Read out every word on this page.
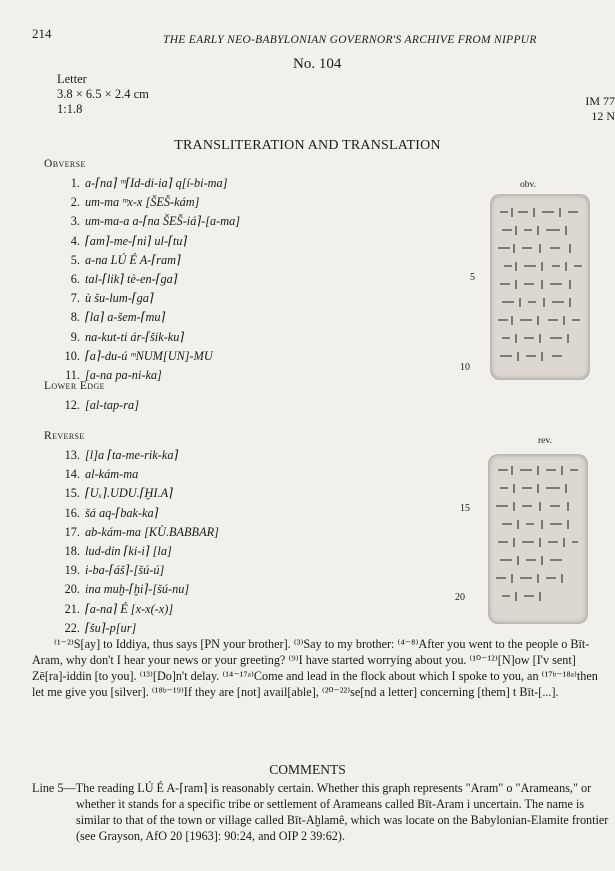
214	THE EARLY NEO-BABYLONIAN GOVERNOR'S ARCHIVE FROM NIPPUR
No. 104
Letter
3.8 × 6.5 × 2.4 cm
1:1.8
IM 77
12 N
TRANSLITERATION AND TRANSLATION
Obverse
1. a-⌈na⌉ ᵐ⌈Id-di-ia⌉ q[í-bi-ma]
2. um-ma ᵐx-x [ŠEŠ-kám]
3. um-ma-a a-⌈na ŠEŠ-iá⌉-[a-ma]
4. ⌈am⌉-me-⌈ni⌉ ul-⌈tu⌉
5. a-na LÚ É A-⌈ram⌉
6. tal-⌈lik⌉ tè-en-⌈ga⌉
7. ù šu-lum-⌈ga⌉
8. ⌈la⌉ a-šem-⌈mu⌉
9. na-kut-ti ár-⌈šik-ku⌉
10. ⌈a⌉-du-ú ᵐNUM[UN]-MU
11. [a-na pa-ni-ka]
Lower Edge
12. [al-tap-ra]
Reverse
13. [l]a ⌈ta-me-rik-ka⌉
14. al-kám-ma
15. ⌈Uₓ⌉.UDU.⌈ḪI.A⌉
16. šá aq-⌈bak-ka⌉
17. ab-kám-ma [KÙ.BABBAR]
18. lud-din ⌈ki-i⌉ [la]
19. i-ba-⌈áš⌉-[šú-ú]
20. ina muḫ-⌈ḫi⌉-[šú-nu]
21. ⌈a-na⌉ É [x-x(-x)]
22. ⌈šu⌉-p[ur]
5
10
15
20
obv.
rev.

⁽¹⁻²⁾S[ay] to Iddiya, thus says [PN your brother]. ⁽³⁾Say to my brother: ⁽⁴⁻⁸⁾After you went to the people o Bīt-Aram, why don't I hear your news or your greeting? ⁽⁹⁾I have started worrying about you. ⁽¹⁰⁻¹²⁾[N]ow [I'v sent] Zē[ra]-iddin [to you]. ⁽¹³⁾[Do]n't delay. ⁽¹⁴⁻¹⁷ᵃ⁾Come and lead in the flock about which I spoke to you, an ⁽¹⁷ᵇ⁻¹⁸ᵃ⁾then let me give you [silver]. ⁽¹⁸ᵇ⁻¹⁹⁾If they are [not] avail[able], ⁽²⁰⁻²²⁾se[nd a letter] concerning [them] t Bīt-[...].

COMMENTS

Line 5—The reading LÚ É A-⌈ram⌉ is reasonably certain. Whether this graph represents "Aram" o "Arameans," or whether it stands for a specific tribe or settlement of Arameans called Bīt-Aram i uncertain. The name is similar to that of the town or village called Bīt-Aḫlamê, which was locate on the Babylonian-Elamite frontier (see Grayson, AfO 20 [1963]: 90:24, and OIP 2 39:62).
